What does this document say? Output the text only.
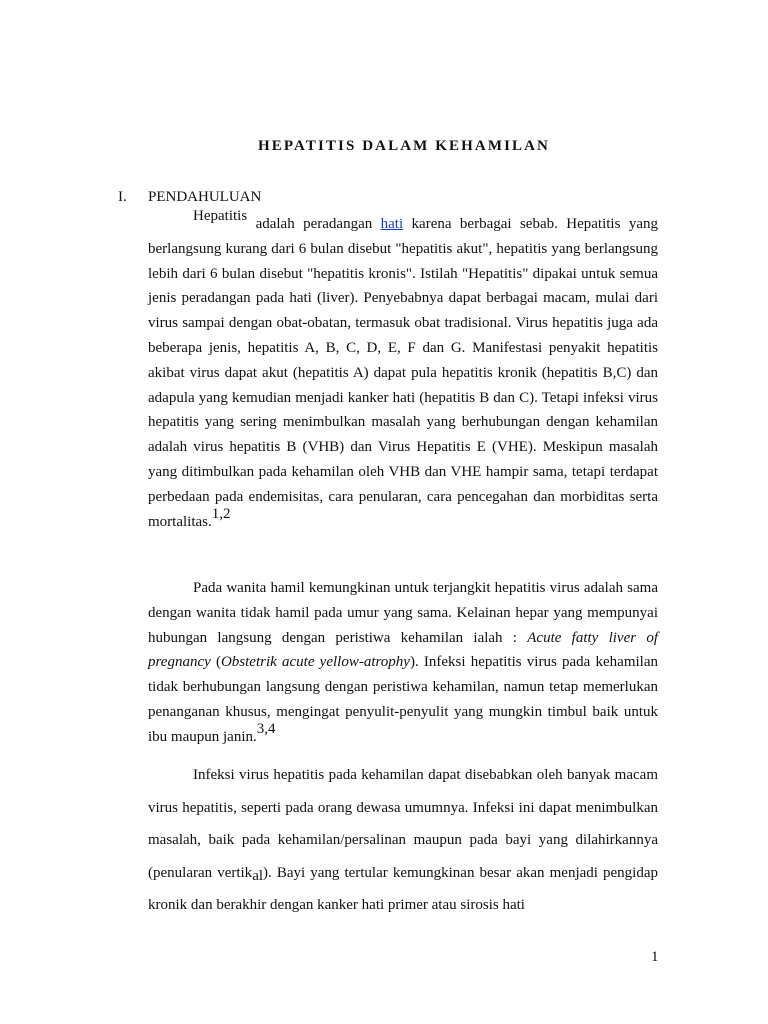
HEPATITIS DALAM KEHAMILAN
I. PENDAHULUAN

Hepatitis adalah peradangan hati karena berbagai sebab. Hepatitis yang berlangsung kurang dari 6 bulan disebut "hepatitis akut", hepatitis yang berlangsung lebih dari 6 bulan disebut "hepatitis kronis". Istilah "Hepatitis" dipakai untuk semua jenis peradangan pada hati (liver). Penyebabnya dapat berbagai macam, mulai dari virus sampai dengan obat-obatan, termasuk obat tradisional. Virus hepatitis juga ada beberapa jenis, hepatitis A, B, C, D, E, F dan G. Manifestasi penyakit hepatitis akibat virus dapat akut (hepatitis A) dapat pula hepatitis kronik (hepatitis B,C) dan adapula yang kemudian menjadi kanker hati (hepatitis B dan C). Tetapi infeksi virus hepatitis yang sering menimbulkan masalah yang berhubungan dengan kehamilan adalah virus hepatitis B (VHB) dan Virus Hepatitis E (VHE). Meskipun masalah yang ditimbulkan pada kehamilan oleh VHB dan VHE hampir sama, tetapi terdapat perbedaan pada endemisitas, cara penularan, cara pencegahan dan morbiditas serta mortalitas.1,2

Pada wanita hamil kemungkinan untuk terjangkit hepatitis virus adalah sama dengan wanita tidak hamil pada umur yang sama. Kelainan hepar yang mempunyai hubungan langsung dengan peristiwa kehamilan ialah : Acute fatty liver of pregnancy (Obstetrik acute yellow-atrophy). Infeksi hepatitis virus pada kehamilan tidak berhubungan langsung dengan peristiwa kehamilan, namun tetap memerlukan penanganan khusus, mengingat penyulit-penyulit yang mungkin timbul baik untuk ibu maupun janin.3,4

Infeksi virus hepatitis pada kehamilan dapat disebabkan oleh banyak macam virus hepatitis, seperti pada orang dewasa umumnya. Infeksi ini dapat menimbulkan masalah, baik pada kehamilan/persalinan maupun pada bayi yang dilahirkannya (penularan vertikal). Bayi yang tertular kemungkinan besar akan menjadi pengidap kronik dan berakhir dengan kanker hati primer atau sirosis hati

1
